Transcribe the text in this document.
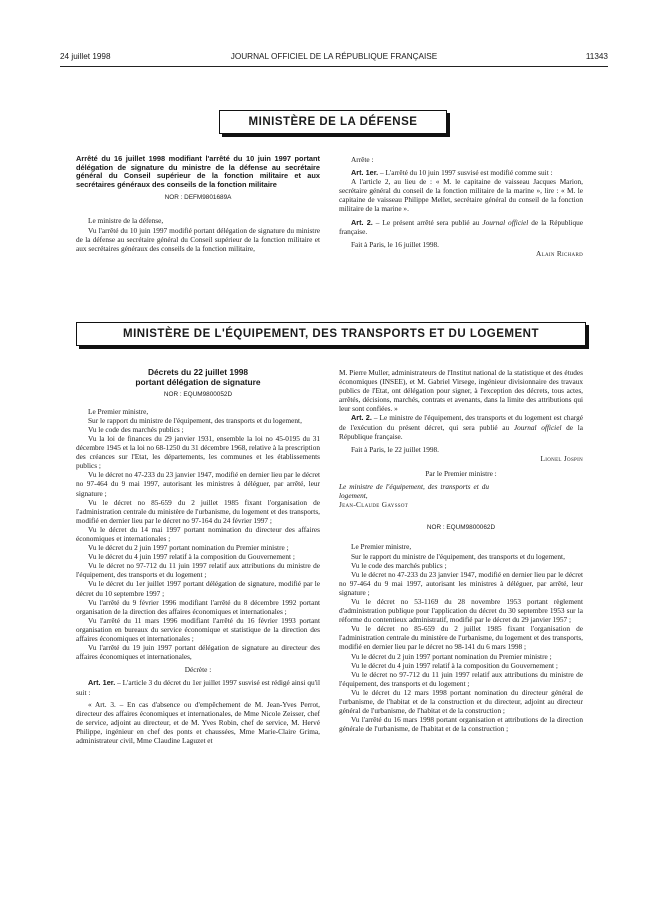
24 juillet 1998	JOURNAL OFFICIEL DE LA RÉPUBLIQUE FRANÇAISE	11343
MINISTÈRE DE LA DÉFENSE

Arrêté du 16 juillet 1998 modifiant l'arrêté du 10 juin 1997 portant délégation de signature du ministre de la défense au secrétaire général du Conseil supérieur de la fonction militaire et aux secrétaires généraux des conseils de la fonction militaire

NOR : DEFM9801689A

Le ministre de la défense,

Vu l'arrêté du 10 juin 1997 modifié portant délégation de signature du ministre de la défense au secrétaire général du Conseil supérieur de la fonction militaire et aux secrétaires généraux des conseils de la fonction militaire,

Arrête :

Art. 1er. – L'arrêté du 10 juin 1997 susvisé est modifié comme suit :

A l'article 2, au lieu de : « M. le capitaine de vaisseau Jacques Marion, secrétaire général du conseil de la fonction militaire de la marine », lire : « M. le capitaine de vaisseau Philippe Mellet, secrétaire général du conseil de la fonction militaire de la marine ».

Art. 2. – Le présent arrêté sera publié au Journal officiel de la République française.

Fait à Paris, le 16 juillet 1998.

Alain Richard

MINISTÈRE DE L'ÉQUIPEMENT, DES TRANSPORTS ET DU LOGEMENT

Décrets du 22 juillet 1998

portant délégation de signature

NOR : EQUM9800052D

Le Premier ministre,

Sur le rapport du ministre de l'équipement, des transports et du logement,

Vu le code des marchés publics ;

Vu la loi de finances du 29 janvier 1931, ensemble la loi no 45-0195 du 31 décembre 1945 et la loi no 68-1250 du 31 décembre 1968, relative à la prescription des créances sur l'Etat, les départements, les communes et les établissements publics ;

Vu le décret no 47-233 du 23 janvier 1947, modifié en dernier lieu par le décret no 97-464 du 9 mai 1997, autorisant les ministres à déléguer, par arrêté, leur signature ;

Vu le décret no 85-659 du 2 juillet 1985 fixant l'organisation de l'administration centrale du ministère de l'urbanisme, du logement et des transports, modifié en dernier lieu par le décret no 97-164 du 24 février 1997 ;

Vu le décret du 14 mai 1997 portant nomination du directeur des affaires économiques et internationales ;

Vu le décret du 2 juin 1997 portant nomination du Premier ministre ;

Vu le décret du 4 juin 1997 relatif à la composition du Gouvernement ;

Vu le décret no 97-712 du 11 juin 1997 relatif aux attributions du ministre de l'équipement, des transports et du logement ;

Vu le décret du 1er juillet 1997 portant délégation de signature, modifié par le décret du 10 septembre 1997 ;

Vu l'arrêté du 9 février 1996 modifiant l'arrêté du 8 décembre 1992 portant organisation de la direction des affaires économiques et internationales ;

Vu l'arrêté du 11 mars 1996 modifiant l'arrêté du 16 février 1993 portant organisation en bureaux du service économique et statistique de la direction des affaires économiques et internationales ;

Vu l'arrêté du 19 juin 1997 portant délégation de signature au directeur des affaires économiques et internationales,

Décrète :

Art. 1er. – L'article 3 du décret du 1er juillet 1997 susvisé est rédigé ainsi qu'il suit :

« Art. 3. – En cas d'absence ou d'empêchement de M. Jean-Yves Perrot, directeur des affaires économiques et internationales, de Mme Nicole Zeisser, chef de service, adjoint au directeur, et de M. Yves Robin, chef de service, M. Hervé Philippe, ingénieur en chef des ponts et chaussées, Mme Marie-Claire Grima, administrateur civil, Mme Claudine Laguzet et

M. Pierre Muller, administrateurs de l'Institut national de la statistique et des études économiques (INSEE), et M. Gabriel Virsege, ingénieur divisionnaire des travaux publics de l'Etat, ont délégation pour signer, à l'exception des décrets, tous actes, arrêtés, décisions, marchés, contrats et avenants, dans la limite des attributions qui leur sont confiées. »

Art. 2. – Le ministre de l'équipement, des transports et du logement est chargé de l'exécution du présent décret, qui sera publié au Journal officiel de la République française.

Fait à Paris, le 22 juillet 1998.

Lionel Jospin

Par le Premier ministre :

Le ministre de l'équipement, des transports et du logement,

Jean-Claude Gayssot

NOR : EQUM9800062D

Le Premier ministre,

Sur le rapport du ministre de l'équipement, des transports et du logement,

Vu le code des marchés publics ;

Vu le décret no 47-233 du 23 janvier 1947, modifié en dernier lieu par le décret no 97-464 du 9 mai 1997, autorisant les ministres à déléguer, par arrêté, leur signature ;

Vu le décret no 53-1169 du 28 novembre 1953 portant règlement d'administration publique pour l'application du décret du 30 septembre 1953 sur la réforme du contentieux administratif, modifié par le décret du 29 janvier 1957 ;

Vu le décret no 85-659 du 2 juillet 1985 fixant l'organisation de l'administration centrale du ministère de l'urbanisme, du logement et des transports, modifié en dernier lieu par le décret no 98-141 du 6 mars 1998 ;

Vu le décret du 2 juin 1997 portant nomination du Premier ministre ;

Vu le décret du 4 juin 1997 relatif à la composition du Gouvernement ;

Vu le décret no 97-712 du 11 juin 1997 relatif aux attributions du ministre de l'équipement, des transports et du logement ;

Vu le décret du 12 mars 1998 portant nomination du directeur général de l'urbanisme, de l'habitat et de la construction et du directeur, adjoint au directeur général de l'urbanisme, de l'habitat et de la construction ;

Vu l'arrêté du 16 mars 1998 portant organisation et attributions de la direction générale de l'urbanisme, de l'habitat et de la construction ;
